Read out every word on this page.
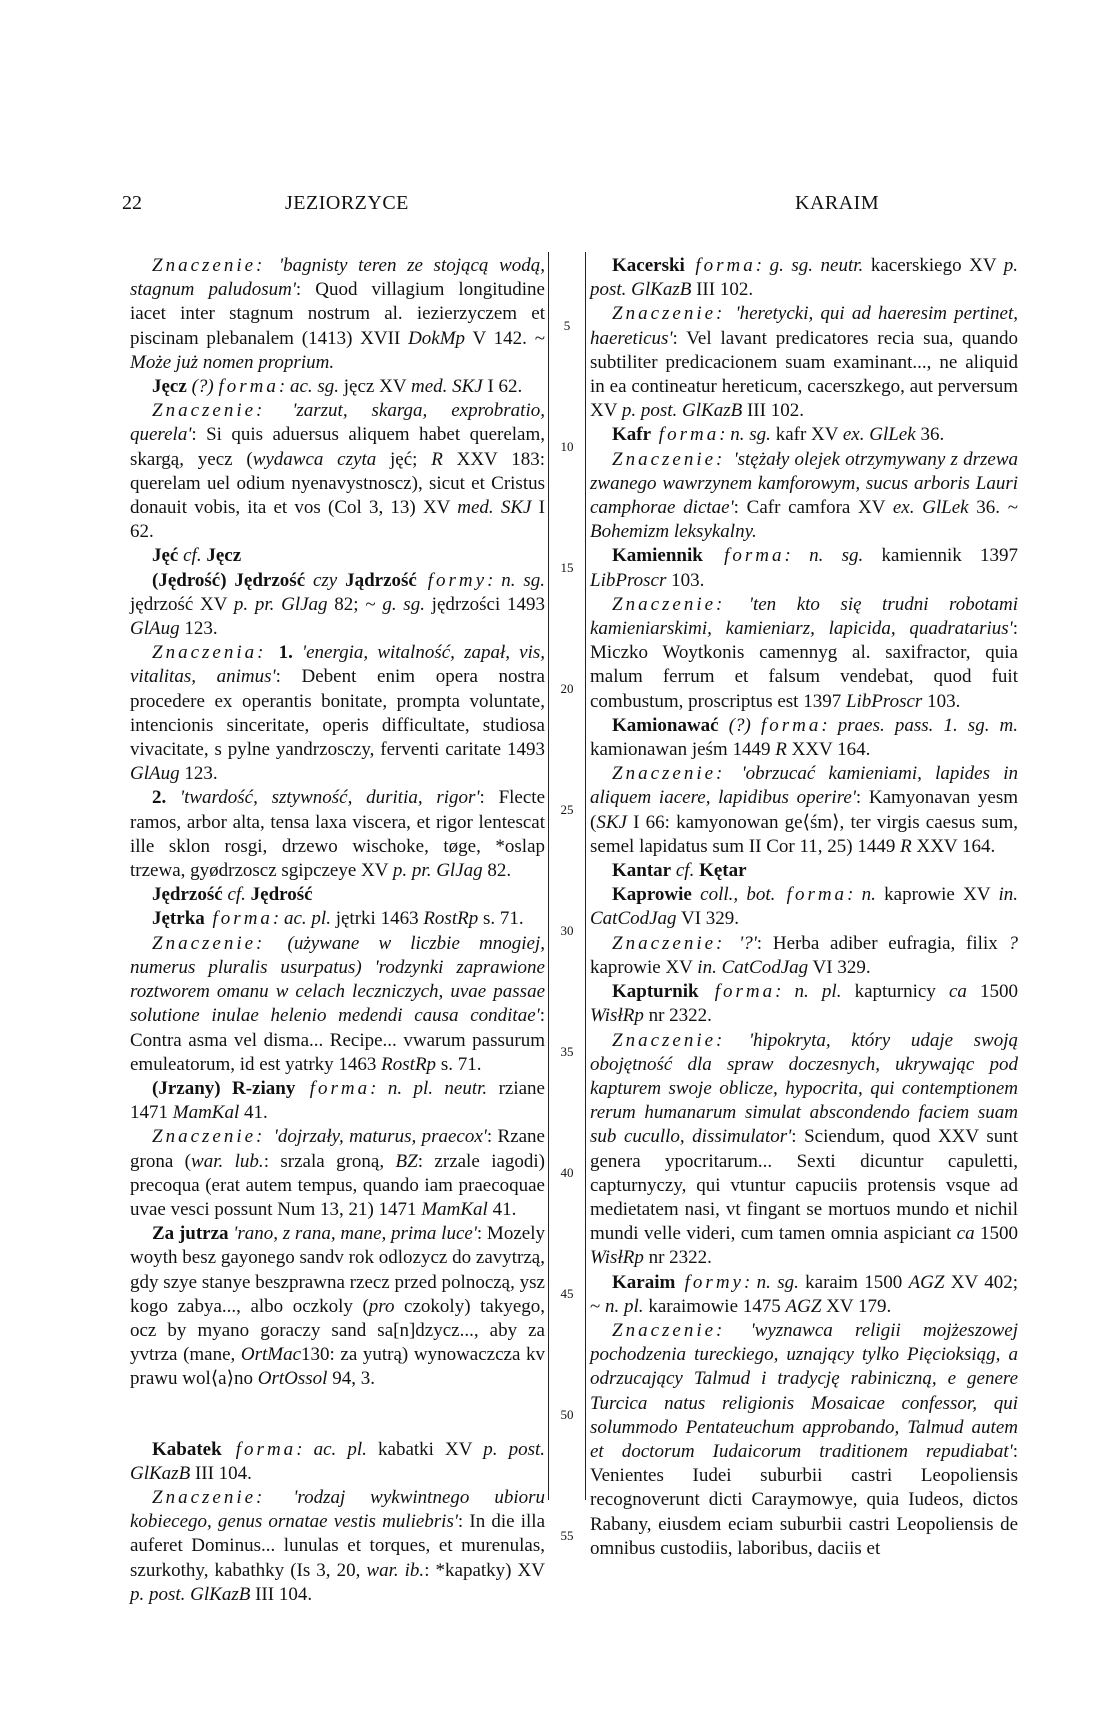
22	JEZIORZYCE	KARAIM
5
10
15
20
25
30
35
40
45
50
55

Znaczenie: 'bagnisty teren ze stojącą wodą, stagnum paludosum': Quod villagium longitudine iacet inter stagnum nostrum al. iezierzyczem et piscinam plebanalem (1413) XVII DokMp V 142. ~ Może już nomen proprium.

Jęcz (?) forma: ac. sg. jęcz XV med. SKJ I 62.

Znaczenie: 'zarzut, skarga, exprobratio, querela': Si quis aduersus aliquem habet querelam, skargą, yecz (wydawca czyta jęć; R XXV 183: querelam uel odium nyenavystnoscz), sicut et Cristus donauit vobis, ita et vos (Col 3, 13) XV med. SKJ I 62.

Jęć cf. Jęcz

(Jędrość) Jędrzość czy Jądrzość formy: n. sg. jędrzość XV p. pr. GlJag 82; ~ g. sg. jędrzości 1493 GlAug 123.

Znaczenia: 1. 'energia, witalność, zapał, vis, vitalitas, animus': Debent enim opera nostra procedere ex operantis bonitate, prompta voluntate, intencionis sinceritate, operis difficultate, studiosa vivacitate, s pylne yandrzosczy, ferventi caritate 1493 GlAug 123.

2. 'twardość, sztywność, duritia, rigor': Flecte ramos, arbor alta, tensa laxa viscera, et rigor lentescat ille sklon rosgi, drzewo wischoke, tøge, *oslap trzewa, gyødrzoscz sgipczeye XV p. pr. GlJag 82.

Jędrzość cf. Jędrość

Jętrka forma: ac. pl. jętrki 1463 RostRp s. 71.

Znaczenie: (używane w liczbie mnogiej, numerus pluralis usurpatus) 'rodzynki zaprawione roztworem omanu w celach leczniczych, uvae passae solutione inulae helenio medendi causa conditae': Contra asma vel disma... Recipe... vwarum passurum emuleatorum, id est yatrky 1463 RostRp s. 71.

(Jrzany) R-ziany forma: n. pl. neutr. rziane 1471 MamKal 41.

Znaczenie: 'dojrzały, maturus, praecox': Rzane grona (war. lub.: srzala groną, BZ: zrzale iagodi) precoqua (erat autem tempus, quando iam praecoquae uvae vesci possunt Num 13, 21) 1471 MamKal 41.

Za jutrza 'rano, z rana, mane, prima luce': Mozely woyth besz gayonego sandv rok odlozycz do zavytrzą, gdy szye stanye beszprawna rzecz przed polnoczą, ysz kogo zabya..., albo oczkoly (pro czokoly) takyego, ocz by myano goraczy sand sa[n]dzycz..., aby za yvtrza (mane, OrtMac130: za yutrą) wynowaczcza kv prawu wol⟨a⟩no OrtOssol 94, 3.

Kabatek forma: ac. pl. kabatki XV p. post. GlKazB III 104.

Znaczenie: 'rodzaj wykwintnego ubioru kobiecego, genus ornatae vestis muliebris': In die illa auferet Dominus... lunulas et torques, et murenulas, szurkothy, kabathky (Is 3, 20, war. ib.: *kapatky) XV p. post. GlKazB III 104.

Kacerski forma: g. sg. neutr. kacerskiego XV p. post. GlKazB III 102.

Znaczenie: 'heretycki, qui ad haeresim pertinet, haereticus': Vel lavant predicatores recia sua, quando subtiliter predicacionem suam examinant..., ne aliquid in ea contineatur hereticum, cacerszkego, aut perversum XV p. post. GlKazB III 102.

Kafr forma: n. sg. kafr XV ex. GlLek 36.

Znaczenie: 'stężały olejek otrzymywany z drzewa zwanego wawrzynem kamforowym, sucus arboris Lauri camphorae dictae': Cafr camfora XV ex. GlLek 36. ~ Bohemizm leksykalny.

Kamiennik forma: n. sg. kamiennik 1397 LibProscr 103.

Znaczenie: 'ten kto się trudni robotami kamieniarskimi, kamieniarz, lapicida, quadratarius': Miczko Woytkonis camennyg al. saxifractor, quia malum ferrum et falsum vendebat, quod fuit combustum, proscriptus est 1397 LibProscr 103.

Kamionawać (?) forma: praes. pass. 1. sg. m. kamionawan jeśm 1449 R XXV 164.

Znaczenie: 'obrzucać kamieniami, lapides in aliquem iacere, lapidibus operire': Kamyonavan yesm (SKJ I 66: kamyonowan ge⟨śm⟩, ter virgis caesus sum, semel lapidatus sum II Cor 11, 25) 1449 R XXV 164.

Kantar cf. Kętar

Kaprowie coll., bot. forma: n. kaprowie XV in. CatCodJag VI 329.

Znaczenie: '?': Herba adiber eufragia, filix ? kaprowie XV in. CatCodJag VI 329.

Kapturnik forma: n. pl. kapturnicy ca 1500 WisłRp nr 2322.

Znaczenie: 'hipokryta, który udaje swoją obojętność dla spraw doczesnych, ukrywając pod kapturem swoje oblicze, hypocrita, qui contemptionem rerum humanarum simulat abscondendo faciem suam sub cucullo, dissimulator': Sciendum, quod XXV sunt genera ypocritarum... Sexti dicuntur capuletti, capturnyczy, qui vtuntur capuciis protensis vsque ad medietatem nasi, vt fingant se mortuos mundo et nichil mundi velle videri, cum tamen omnia aspiciant ca 1500 WisłRp nr 2322.

Karaim formy: n. sg. karaim 1500 AGZ XV 402; ~ n. pl. karaimowie 1475 AGZ XV 179.

Znaczenie: 'wyznawca religii mojżeszowej pochodzenia tureckiego, uznający tylko Pięcioksiąg, a odrzucający Talmud i tradycję rabiniczną, e genere Turcica natus religionis Mosaicae confessor, qui solummodo Pentateuchum approbando, Talmud autem et doctorum Iudaicorum traditionem repudiabat': Venientes Iudei suburbii castri Leopoliensis recognoverunt dicti Caraymowye, quia Iudeos, dictos Rabany, eiusdem eciam suburbii castri Leopoliensis de omnibus custodiis, laboribus, daciis et
